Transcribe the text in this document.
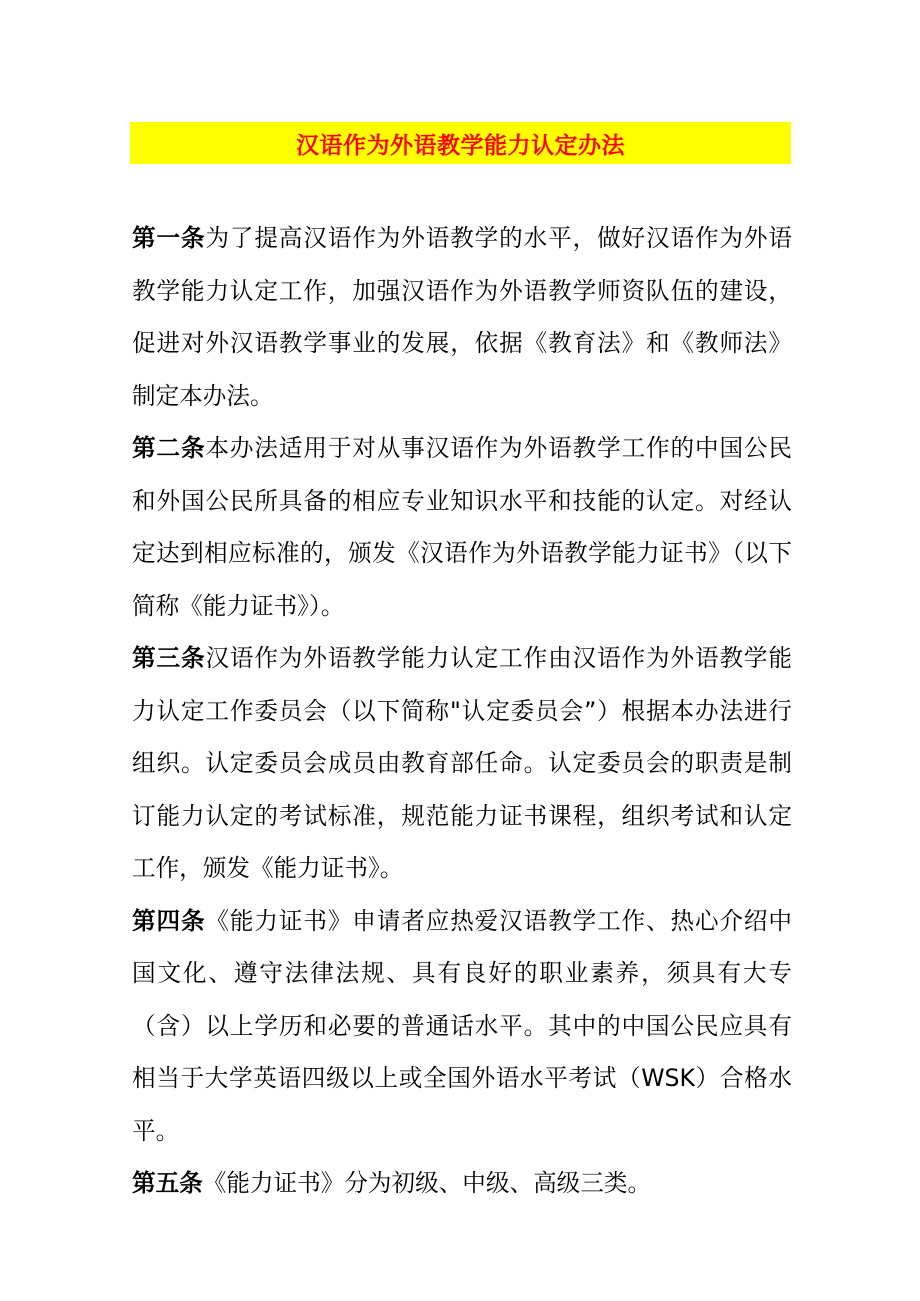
汉语作为外语教学能力认定办法

第一条为了提高汉语作为外语教学的水平，做好汉语作为外语教学能力认定工作，加强汉语作为外语教学师资队伍的建设，促进对外汉语教学事业的发展，依据《教育法》和《教师法》制定本办法。

第二条本办法适用于对从事汉语作为外语教学工作的中国公民和外国公民所具备的相应专业知识水平和技能的认定。对经认定达到相应标准的，颁发《汉语作为外语教学能力证书》（以下简称《能力证书》）。

第三条汉语作为外语教学能力认定工作由汉语作为外语教学能力认定工作委员会（以下简称"认定委员会”）根据本办法进行组织。认定委员会成员由教育部任命。认定委员会的职责是制订能力认定的考试标准，规范能力证书课程，组织考试和认定工作，颁发《能力证书》。

第四条《能力证书》申请者应热爱汉语教学工作、热心介绍中国文化、遵守法律法规、具有良好的职业素养，须具有大专（含）以上学历和必要的普通话水平。其中的中国公民应具有相当于大学英语四级以上或全国外语水平考试（WSK）合格水平。

第五条《能力证书》分为初级、中级、高级三类。
